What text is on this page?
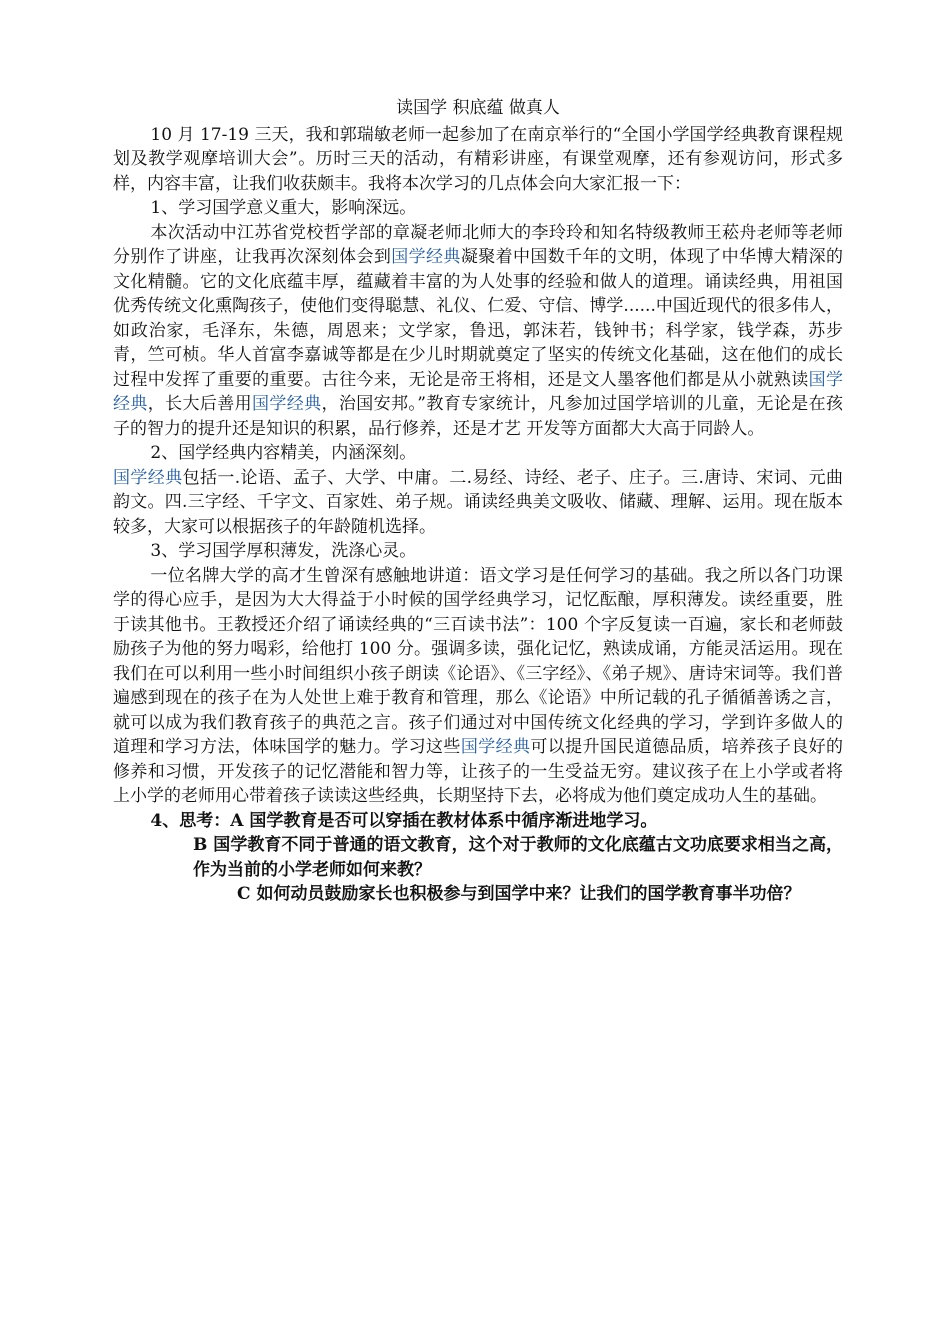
读国学 积底蕴 做真人

10 月 17-19 三天，我和郭瑞敏老师一起参加了在南京举行的“全国小学国学经典教育课程规划及教学观摩培训大会”。历时三天的活动，有精彩讲座，有课堂观摩，还有参观访问，形式多样，内容丰富，让我们收获颇丰。我将本次学习的几点体会向大家汇报一下：

1、学习国学意义重大，影响深远。

本次活动中江苏省党校哲学部的章凝老师北师大的李玲玲和知名特级教师王菘舟老师等老师分别作了讲座，让我再次深刻体会到国学经典凝聚着中国数千年的文明，体现了中华博大精深的文化精髓。它的文化底蕴丰厚，蕴藏着丰富的为人处事的经验和做人的道理。诵读经典，用祖国优秀传统文化熏陶孩子，使他们变得聪慧、礼仪、仁爱、守信、博学......中国近现代的很多伟人，如政治家，毛泽东，朱德，周恩来；文学家，鲁迅，郭沫若，钱钟书；科学家，钱学森，苏步青，竺可桢。华人首富李嘉诚等都是在少儿时期就奠定了坚实的传统文化基础，这在他们的成长过程中发挥了重要的重要。古往今来，无论是帝王将相，还是文人墨客他们都是从小就熟读国学经典，长大后善用国学经典，治国安邦。”教育专家统计，凡参加过国学培训的儿童，无论是在孩子的智力的提升还是知识的积累，品行修养，还是才艺 开发等方面都大大高于同龄人。

2、国学经典内容精美，内涵深刻。

国学经典包括一.论语、孟子、大学、中庸。二.易经、诗经、老子、庄子。三.唐诗、宋词、元曲韵文。四.三字经、千字文、百家姓、弟子规。诵读经典美文吸收、储藏、理解、运用。现在版本较多，大家可以根据孩子的年龄随机选择。

3、学习国学厚积薄发，洗涤心灵。

一位名牌大学的高才生曾深有感触地讲道：语文学习是任何学习的基础。我之所以各门功课学的得心应手，是因为大大得益于小时候的国学经典学习，记忆酝酿，厚积薄发。读经重要，胜于读其他书。王教授还介绍了诵读经典的“三百读书法”：100 个字反复读一百遍，家长和老师鼓励孩子为他的努力喝彩，给他打 100 分。强调多读，强化记忆，熟读成诵，方能灵活运用。现在我们在可以利用一些小时间组织小孩子朗读《论语》、《三字经》、《弟子规》、唐诗宋词等。我们普遍感到现在的孩子在为人处世上难于教育和管理，那么《论语》中所记载的孔子循循善诱之言，就可以成为我们教育孩子的典范之言。孩子们通过对中国传统文化经典的学习，学到许多做人的道理和学习方法，体味国学的魅力。学习这些国学经典可以提升国民道德品质，培养孩子良好的修养和习惯，开发孩子的记忆潜能和智力等，让孩子的一生受益无穷。建议孩子在上小学或者将上小学的老师用心带着孩子读读这些经典，长期坚持下去，必将成为他们奠定成功人生的基础。

4、思考：A 国学教育是否可以穿插在教材体系中循序渐进地学习。

B 国学教育不同于普通的语文教育，这个对于教师的文化底蕴古文功底要求相当之高，作为当前的小学老师如何来教？

C 如何动员鼓励家长也积极参与到国学中来？让我们的国学教育事半功倍？
